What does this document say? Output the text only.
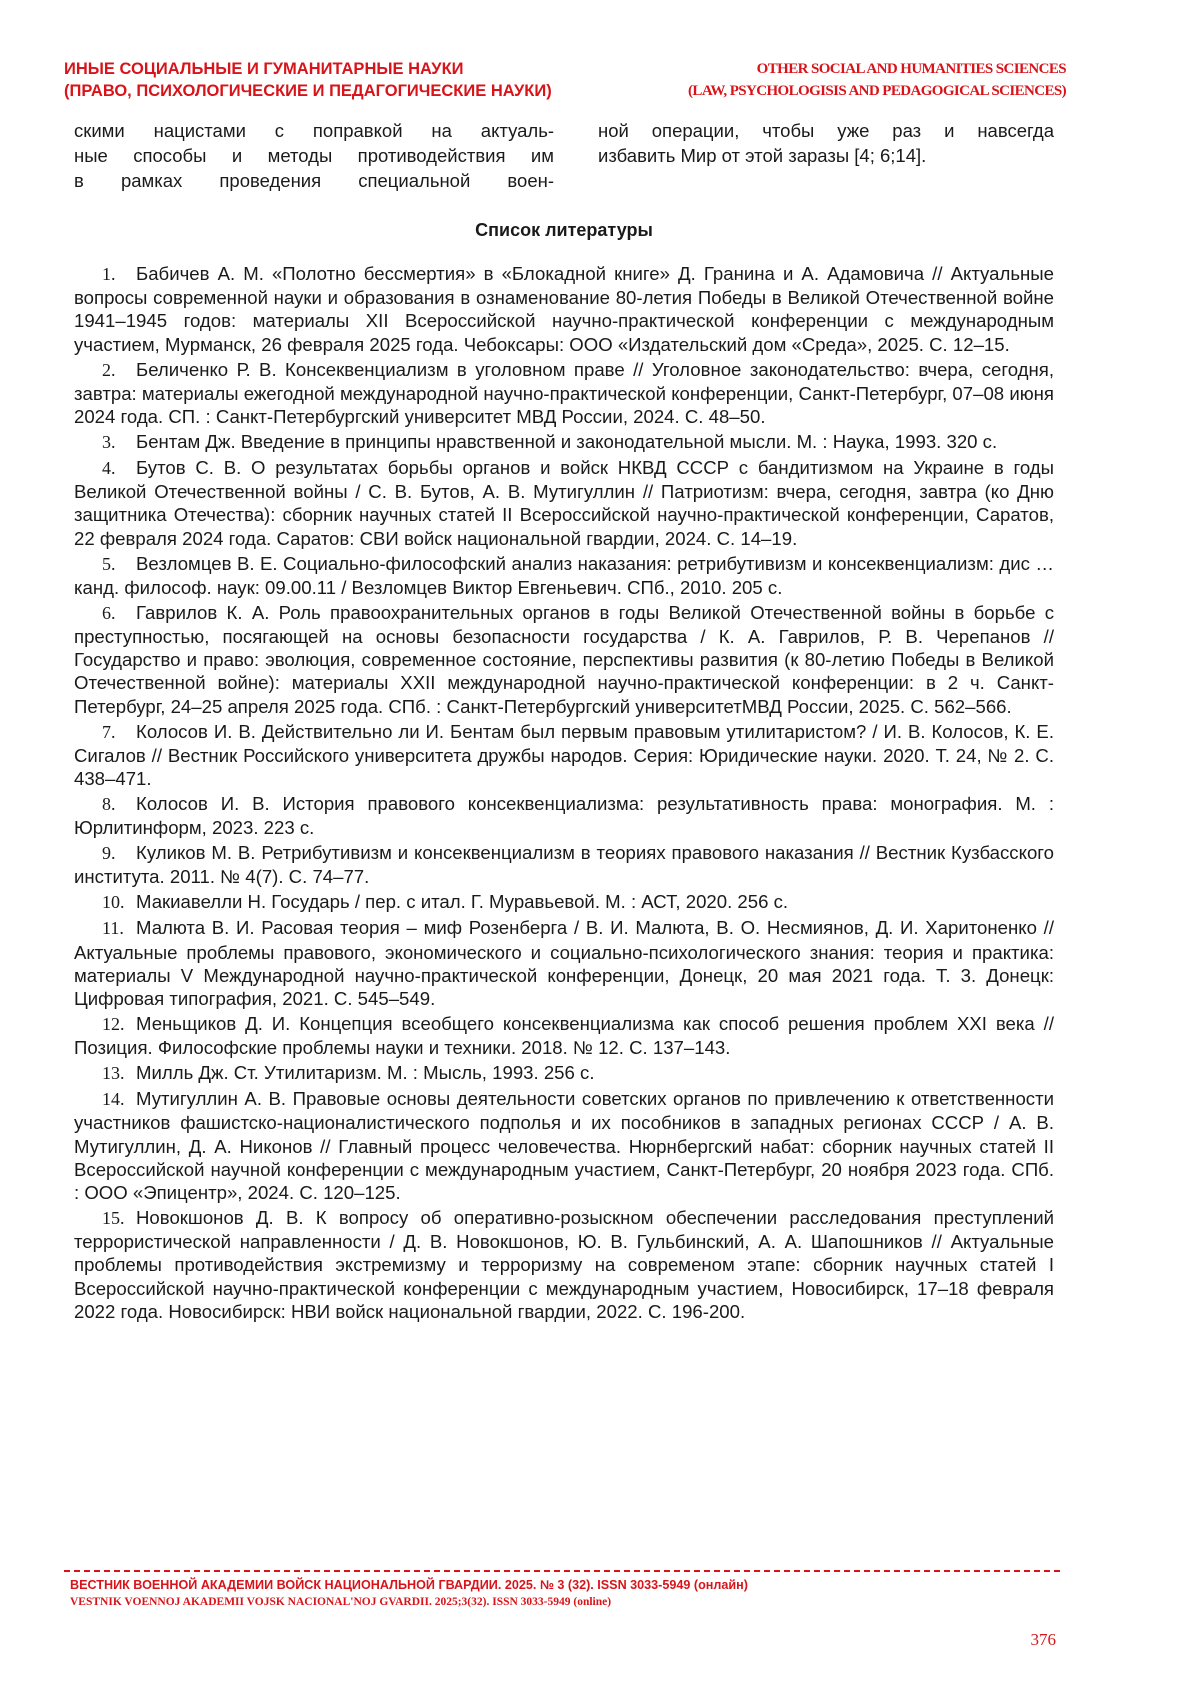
ИНЫЕ СОЦИАЛЬНЫЕ И ГУМАНИТАРНЫЕ НАУКИ
(ПРАВО, ПСИХОЛОГИЧЕСКИЕ И ПЕДАГОГИЧЕСКИЕ НАУКИ)
OTHER SOCIAL AND HUMANITIES SCIENCES
(LAW, PSYCHOLOGISIS AND PEDAGOGICAL SCIENCES)

скими нацистами с поправкой на актуаль-

ные способы и методы противодействия им

в рамках проведения специальной воен-

ной операции, чтобы уже раз и навсегда

избавить Мир от этой заразы [4; 6;14].

Список литературы

1. Бабичев А. М. «Полотно бессмертия» в «Блокадной книге» Д. Гранина и А. Адамовича // Актуальные вопросы современной науки и образования в ознаменование 80-летия Победы в Великой Отечественной войне 1941–1945 годов: материалы XII Всероссийской научно-практической конференции с международным участием, Мурманск, 26 февраля 2025 года. Чебоксары: ООО «Издательский дом «Среда», 2025. С. 12–15.

2. Беличенко Р. В. Консеквенциализм в уголовном праве // Уголовное законодательство: вчера, сегодня, завтра: материалы ежегодной международной научно-практической конференции, Санкт-Петербург, 07–08 июня 2024 года. СП. : Санкт-Петербургский университет МВД России, 2024. С. 48–50.

3. Бентам Дж. Введение в принципы нравственной и законодательной мысли. М. : Наука, 1993. 320 с.

4. Бутов С. В. О результатах борьбы органов и войск НКВД СССР с бандитизмом на Украине в годы Великой Отечественной войны / С. В. Бутов, А. В. Мутигуллин // Патриотизм: вчера, сегодня, завтра (ко Дню защитника Отечества): сборник научных статей II Всероссийской научно-практической конференции, Саратов, 22 февраля 2024 года. Саратов: СВИ войск национальной гвардии, 2024. С. 14–19.

5. Везломцев В. Е. Социально-философский анализ наказания: ретрибутивизм и консеквенциализм: дис … канд. философ. наук: 09.00.11 / Везломцев Виктор Евгеньевич. СПб., 2010. 205 с.

6. Гаврилов К. А. Роль правоохранительных органов в годы Великой Отечественной войны в борьбе с преступностью, посягающей на основы безопасности государства / К. А. Гаврилов, Р. В. Черепанов // Государство и право: эволюция, современное состояние, перспективы развития (к 80-летию Победы в Великой Отечественной войне): материалы XXII международной научно-практической конференции: в 2 ч. Санкт-Петербург, 24–25 апреля 2025 года. СПб. : Санкт-Петербургский университетМВД России, 2025. С. 562–566.

7. Колосов И. В. Действительно ли И. Бентам был первым правовым утилитаристом? / И. В. Колосов, К. Е. Сигалов // Вестник Российского университета дружбы народов. Серия: Юридические науки. 2020. Т. 24, № 2. С. 438–471.

8. Колосов И. В. История правового консеквенциализма: результативность права: монография. М. : Юрлитинформ, 2023. 223 с.

9. Куликов М. В. Ретрибутивизм и консеквенциализм в теориях правового наказания // Вестник Кузбасского института. 2011. № 4(7). С. 74–77.

10. Макиавелли Н. Государь / пер. с итал. Г. Муравьевой. М. : АСТ, 2020. 256 с.

11. Малюта В. И. Расовая теория – миф Розенберга / В. И. Малюта, В. О. Несмиянов, Д. И. Харитоненко // Актуальные проблемы правового, экономического и социально-психологического знания: теория и практика: материалы V Международной научно-практической конференции, Донецк, 20 мая 2021 года. Т. 3. Донецк: Цифровая типография, 2021. С. 545–549.

12. Меньщиков Д. И. Концепция всеобщего консеквенциализма как способ решения проблем XXI века // Позиция. Философские проблемы науки и техники. 2018. № 12. С. 137–143.

13. Милль Дж. Ст. Утилитаризм. М. : Мысль, 1993. 256 с.

14. Мутигуллин А. В. Правовые основы деятельности советских органов по привлечению к ответственности участников фашистско-националистического подполья и их пособников в западных регионах СССР / А. В. Мутигуллин, Д. А. Никонов // Главный процесс человечества. Нюрнбергский набат: сборник научных статей II Всероссийской научной конференции с международным участием, Санкт-Петербург, 20 ноября 2023 года. СПб. : ООО «Эпицентр», 2024. С. 120–125.

15. Новокшонов Д. В. К вопросу об оперативно-розыскном обеспечении расследования преступлений террористической направленности / Д. В. Новокшонов, Ю. В. Гульбинский, А. А. Шапошников // Актуальные проблемы противодействия экстремизму и терроризму на современом этапе: сборник научных статей I Всероссийской научно-практической конференции с международным участием, Новосибирск, 17–18 февраля 2022 года. Новосибирск: НВИ войск национальной гвардии, 2022. С. 196-200.

ВЕСТНИК ВОЕННОЙ АКАДЕМИИ ВОЙСК НАЦИОНАЛЬНОЙ ГВАРДИИ. 2025. № 3 (32). ISSN 3033-5949 (онлайн)
VESTNIK VOENNOJ AKADEMII VOJSK NACIONAL'NOJ GVARDII. 2025;3(32). ISSN 3033-5949 (online)
376
